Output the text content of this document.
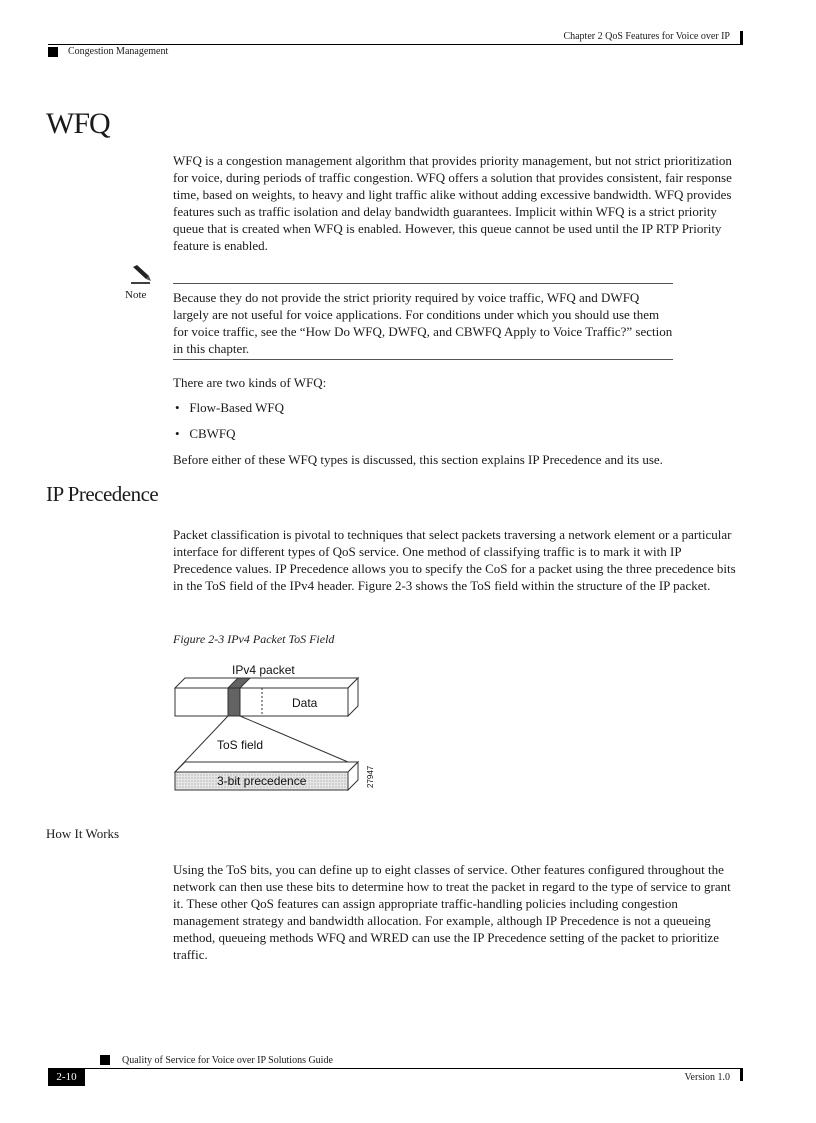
Chapter 2 QoS Features for Voice over IP
Congestion Management
WFQ

WFQ is a congestion management algorithm that provides priority management, but not strict prioritization for voice, during periods of traffic congestion. WFQ offers a solution that provides consistent, fair response time, based on weights, to heavy and light traffic alike without adding excessive bandwidth. WFQ provides features such as traffic isolation and delay bandwidth guarantees. Implicit within WFQ is a strict priority queue that is created when WFQ is enabled. However, this queue cannot be used until the IP RTP Priority feature is enabled.

Note Because they do not provide the strict priority required by voice traffic, WFQ and DWFQ largely are not useful for voice applications. For conditions under which you should use them for voice traffic, see the “How Do WFQ, DWFQ, and CBWFQ Apply to Voice Traffic?” section in this chapter.
There are two kinds of WFQ:
•   Flow-Based WFQ
•   CBWFQ
Before either of these WFQ types is discussed, this section explains IP Precedence and its use.
IP Precedence
Packet classification is pivotal to techniques that select packets traversing a network element or a particular interface for different types of QoS service. One method of classifying traffic is to mark it with IP Precedence values. IP Precedence allows you to specify the CoS for a packet using the three precedence bits in the ToS field of the IPv4 header. Figure 2-3 shows the ToS field within the structure of the IP packet.
Figure 2-3 IPv4 Packet ToS Field
IPv4 packet
Data
ToS field
3-bit precedence	27947
How It Works
Using the ToS bits, you can define up to eight classes of service. Other features configured throughout the network can then use these bits to determine how to treat the packet in regard to the type of service to grant it. These other QoS features can assign appropriate traffic-handling policies including congestion management strategy and bandwidth allocation. For example, although IP Precedence is not a queueing method, queueing methods WFQ and WRED can use the IP Precedence setting of the packet to prioritize traffic.
Quality of Service for Voice over IP Solutions Guide
2-10	Version 1.0
